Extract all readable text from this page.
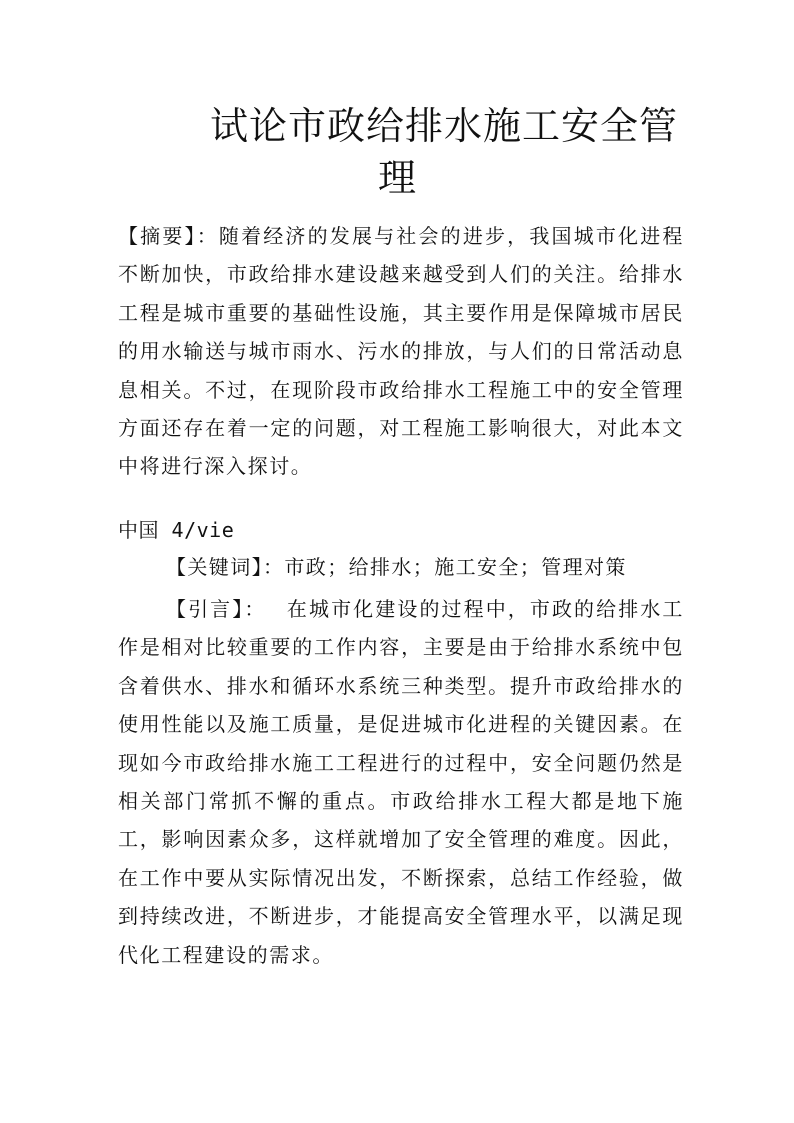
试论市政给排水施工安全管
理

【摘要】：随着经济的发展与社会的进步，我国城市化进程不断加快，市政给排水建设越来越受到人们的关注。给排水工程是城市重要的基础性设施，其主要作用是保障城市居民的用水输送与城市雨水、污水的排放，与人们的日常活动息息相关。不过，在现阶段市政给排水工程施工中的安全管理方面还存在着一定的问题，对工程施工影响很大，对此本文中将进行深入探讨。

中国 4/vie
【关键词】：市政；给排水；施工安全；管理对策

【引言】： 在城市化建设的过程中，市政的给排水工作是相对比较重要的工作内容，主要是由于给排水系统中包含着供水、排水和循环水系统三种类型。提升市政给排水的使用性能以及施工质量，是促进城市化进程的关键因素。在现如今市政给排水施工工程进行的过程中，安全问题仍然是相关部门常抓不懈的重点。市政给排水工程大都是地下施工，影响因素众多，这样就增加了安全管理的难度。因此，在工作中要从实际情况出发，不断探索，总结工作经验，做到持续改进，不断进步，才能提高安全管理水平，以满足现代化工程建设的需求。
